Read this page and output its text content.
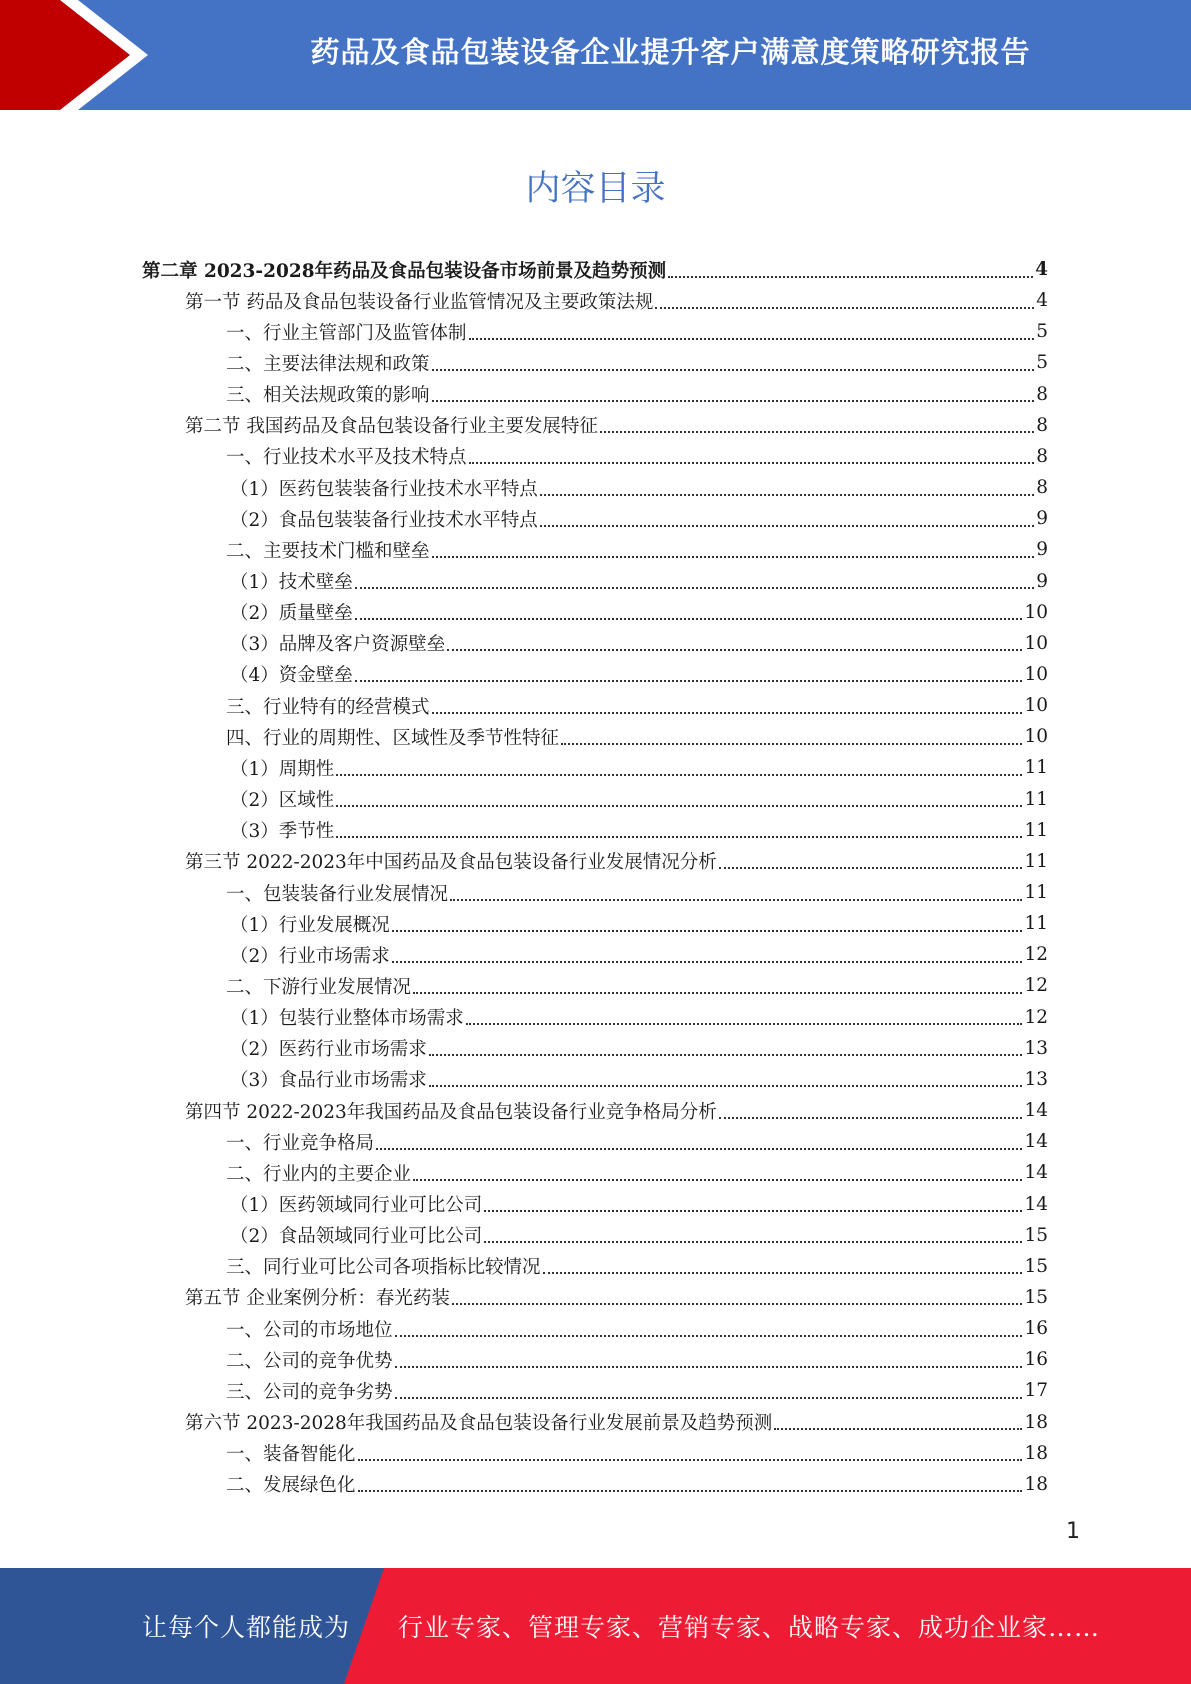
药品及食品包装设备企业提升客户满意度策略研究报告
内容目录
第二章 2023-2028年药品及食品包装设备市场前景及趋势预测	4
第一节 药品及食品包装设备行业监管情况及主要政策法规	4
一、行业主管部门及监管体制	5
二、主要法律法规和政策	5
三、相关法规政策的影响	8
第二节 我国药品及食品包装设备行业主要发展特征	8
一、行业技术水平及技术特点	8
（1）医药包装装备行业技术水平特点	8
（2）食品包装装备行业技术水平特点	9
二、主要技术门槛和壁垒	9
（1）技术壁垒	9
（2）质量壁垒	10
（3）品牌及客户资源壁垒	10
（4）资金壁垒	10
三、行业特有的经营模式	10
四、行业的周期性、区域性及季节性特征	10
（1）周期性	11
（2）区域性	11
（3）季节性	11
第三节 2022-2023年中国药品及食品包装设备行业发展情况分析	11
一、包装装备行业发展情况	11
（1）行业发展概况	11
（2）行业市场需求	12
二、下游行业发展情况	12
（1）包装行业整体市场需求	12
（2）医药行业市场需求	13
（3）食品行业市场需求	13
第四节 2022-2023年我国药品及食品包装设备行业竞争格局分析	14
一、行业竞争格局	14
二、行业内的主要企业	14
（1）医药领域同行业可比公司	14
（2）食品领域同行业可比公司	15
三、同行业可比公司各项指标比较情况	15
第五节 企业案例分析：春光药装	15
一、公司的市场地位	16
二、公司的竞争优势	16
三、公司的竞争劣势	17
第六节 2023-2028年我国药品及食品包装设备行业发展前景及趋势预测	18
一、装备智能化	18
二、发展绿色化	18
1
让每个人都能成为 行业专家、管理专家、营销专家、战略专家、成功企业家……
